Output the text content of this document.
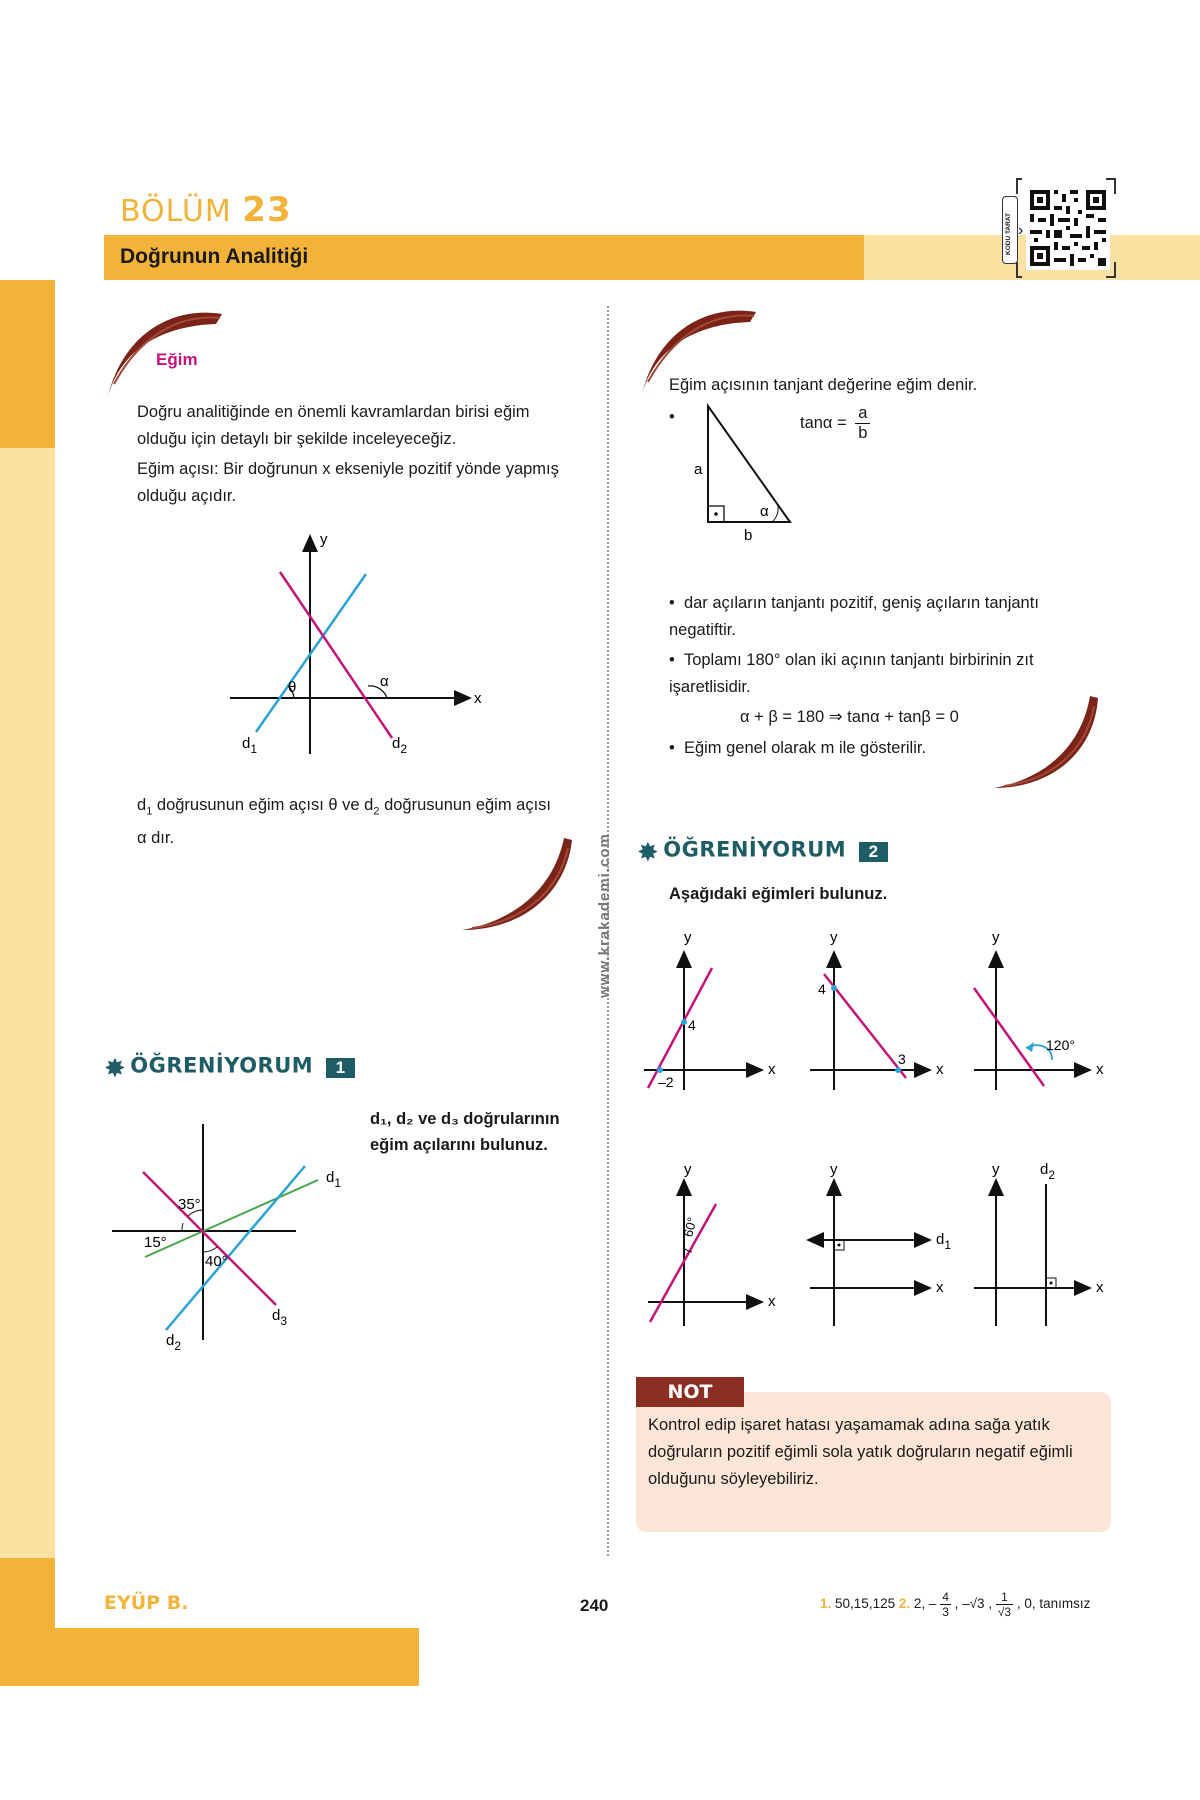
BÖLÜM 23
Doğrunun Analitiği
KODU TARAT ›
www.krakademi.com
Eğim
Doğru analitiğinde en önemli kavramlardan birisi eğim
olduğu için detaylı bir şekilde inceleyeceğiz.
Eğim açısı: Bir doğrunun x ekseniyle pozitif yönde yapmış
olduğu açıdır.
y
x
θ	α
$d_1$	$d_2$
$d_1$ doğrusunun eğim açısı θ ve $d_2$ doğrusunun eğim açısı
α dır.
✸ ÖĞRENİYORUM 1
d₁, d₂ ve d₃ doğrularının
eğim açılarını bulunuz.
35°
15°
40°
$d_1$
$d_2$
$d_3$
Eğim açısının tanjant değerine eğim denir.
•	$\tan\alpha = \frac{a}{b}$
a
b
α
•  dar açıların tanjantı pozitif, geniş açıların tanjantı
negatiftir.
•  Toplamı 180° olan iki açının tanjantı birbirinin zıt
işaretlisidir.
α + β = 180 ⇒ tanα + tanβ = 0
•  Eğim genel olarak m ile gösterilir.
✸ ÖĞRENİYORUM 2
Aşağıdaki eğimleri bulunuz.
y
x
4
–2
y
x
4
3
y
x
120°
y
x
60°
y
x
$d_1$
y
x
$d_2$
NOT
Kontrol edip işaret hatası yaşamamak adına sağa yatık
doğruların pozitif eğimli sola yatık doğruların negatif eğimli
olduğunu söyleyebiliriz.
EYÜP B.	240	1. 50,15,125 2. 2, – $\frac{4}{3}$ , –√3 , $\frac{1}{√3}$ , 0, tanımsız
